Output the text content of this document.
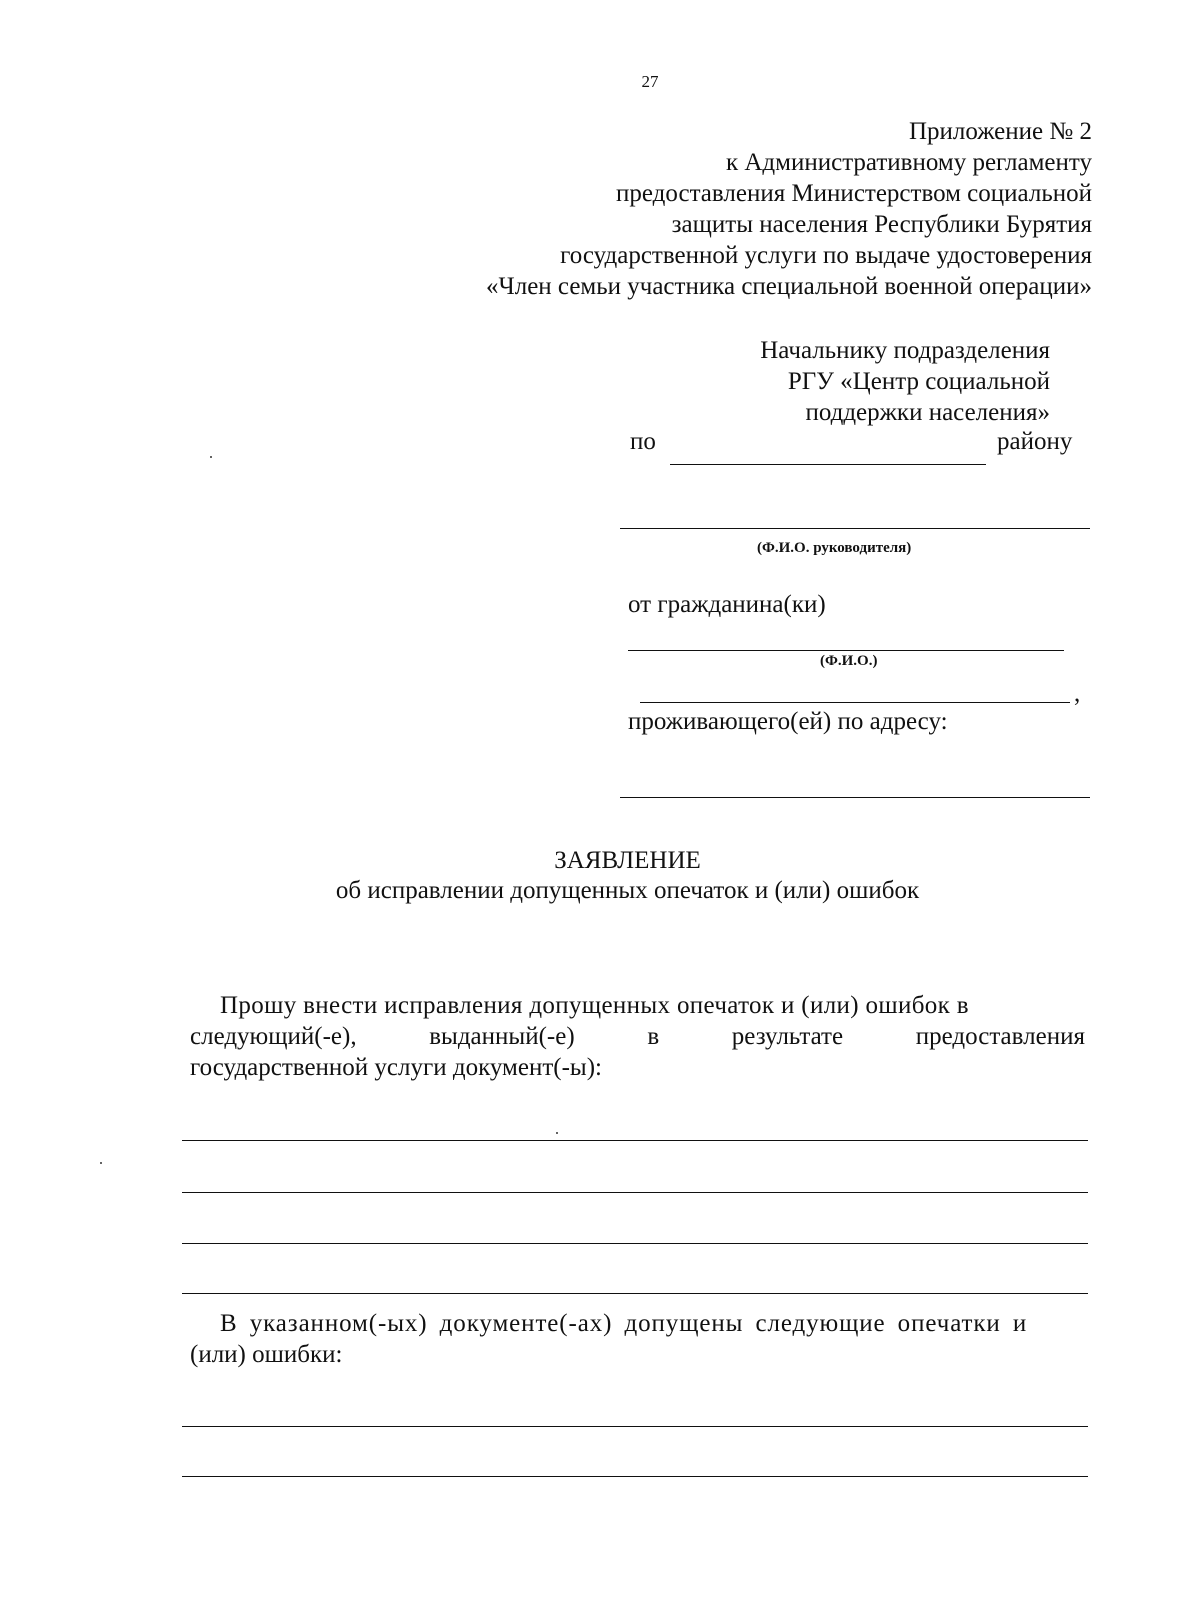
27
Приложение № 2
к Административному регламенту
предоставления Министерством социальной
защиты населения Республики Бурятия
государственной услуги по выдаче удостоверения
«Член семьи участника специальной военной операции»
Начальнику подразделения
РГУ «Центр социальной
поддержки населения»
по	району
(Ф.И.О. руководителя)
от гражданина(ки)
(Ф.И.О.)
,
проживающего(ей) по адресу:
ЗАЯВЛЕНИЕ
об исправлении допущенных опечаток и (или) ошибок
Прошу внести исправления допущенных опечаток и (или) ошибок в
следующий(-е),	выданный(-е)	в	результате	предоставления
государственной услуги документ(-ы):
В указанном(-ых) документе(-ах) допущены следующие опечатки и
(или) ошибки:
